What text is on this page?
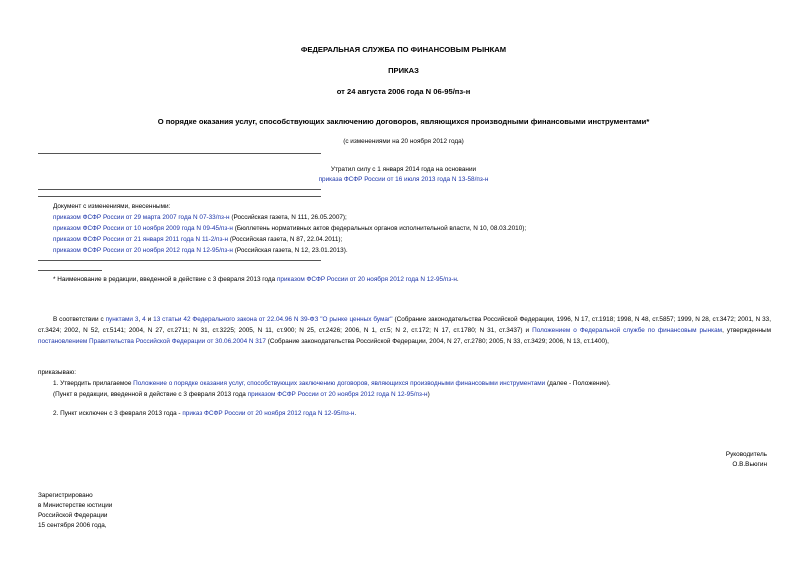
ФЕДЕРАЛЬНАЯ СЛУЖБА ПО ФИНАНСОВЫМ РЫНКАМ
ПРИКАЗ
от 24 августа 2006 года N 06-95/пз-н
О порядке оказания услуг, способствующих заключению договоров, являющихся производными финансовыми инструментами*
(с изменениями на 20 ноября 2012 года)
Утратил силу с 1 января 2014 года на основании
приказа ФСФР России от 16 июля 2013 года N 13-58/пз-н
Документ с изменениями, внесенными:
приказом ФСФР России от 29 марта 2007 года N 07-33/пз-н (Российская газета, N 111, 26.05.2007);
приказом ФСФР России от 10 ноября 2009 года N 09-45/пз-н (Бюллетень нормативных актов федеральных органов исполнительной власти, N 10, 08.03.2010);
приказом ФСФР России от 21 января 2011 года N 11-2/пз-н (Российская газета, N 87, 22.04.2011);
приказом ФСФР России от 20 ноября 2012 года N 12-95/пз-н (Российская газета, N 12, 23.01.2013).
* Наименование в редакции, введенной в действие с 3 февраля 2013 года приказом ФСФР России от 20 ноября 2012 года N 12-95/пз-н.
В соответствии с пунктами 3, 4 и 13 статьи 42 Федерального закона от 22.04.96 N 39-ФЗ "О рынке ценных бумаг" (Собрание законодательства Российской Федерации, 1996, N 17, ст.1918; 1998, N 48, ст.5857; 1999, N 28, ст.3472; 2001, N 33, ст.3424; 2002, N 52, ст.5141; 2004, N 27, ст.2711; N 31, ст.3225; 2005, N 11, ст.900; N 25, ст.2426; 2006, N 1, ст.5; N 2, ст.172; N 17, ст.1780; N 31, ст.3437) и Положением о Федеральной службе по финансовым рынкам, утвержденным постановлением Правительства Российской Федерации от 30.06.2004 N 317 (Собрание законодательства Российской Федерации, 2004, N 27, ст.2780; 2005, N 33, ст.3429; 2006, N 13, ст.1400),
приказываю:
1. Утвердить прилагаемое Положение о порядке оказания услуг, способствующих заключению договоров, являющихся производными финансовыми инструментами (далее - Положение).
(Пункт в редакции, введенной в действие с 3 февраля 2013 года приказом ФСФР России от 20 ноября 2012 года N 12-95/пз-н)
2. Пункт исключен с 3 февраля 2013 года - приказ ФСФР России от 20 ноября 2012 года N 12-95/пз-н.
Руководитель
О.В.Вьюгин
Зарегистрировано
в Министерстве юстиции
Российской Федерации
15 сентября 2006 года,
